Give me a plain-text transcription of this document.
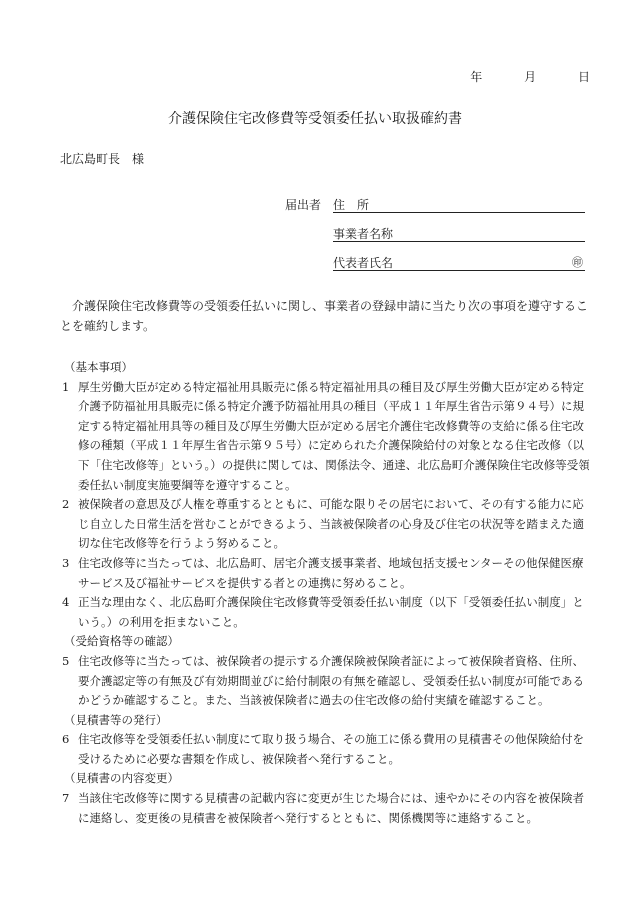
年	月	日
介護保険住宅改修費等受領委任払い取扱確約書
北広島町長　様
届出者 住　所
事業者名称
代表者氏名	㊞
介護保険住宅改修費等の受領委任払いに関し、事業者の登録申請に当たり次の事項を遵守することを確約します。
（基本事項）
1 厚生労働大臣が定める特定福祉用具販売に係る特定福祉用具の種目及び厚生労働大臣が定める特定介護予防福祉用具販売に係る特定介護予防福祉用具の種目（平成１１年厚生省告示第９４号）に規定する特定福祉用具等の種目及び厚生労働大臣が定める居宅介護住宅改修費等の支給に係る住宅改修の種類（平成１１年厚生省告示第９５号）に定められた介護保険給付の対象となる住宅改修（以下「住宅改修等」という。）の提供に関しては、関係法令、通達、北広島町介護保険住宅改修等受領委任払い制度実施要綱等を遵守すること。
2 被保険者の意思及び人権を尊重するとともに、可能な限りその居宅において、その有する能力に応じ自立した日常生活を営むことができるよう、当該被保険者の心身及び住宅の状況等を踏まえた適切な住宅改修等を行うよう努めること。
3 住宅改修等に当たっては、北広島町、居宅介護支援事業者、地域包括支援センターその他保健医療サービス及び福祉サービスを提供する者との連携に努めること。
4 正当な理由なく、北広島町介護保険住宅改修費等受領委任払い制度（以下「受領委任払い制度」という。）の利用を拒まないこと。
（受給資格等の確認）
5 住宅改修等に当たっては、被保険者の提示する介護保険被保険者証によって被保険者資格、住所、要介護認定等の有無及び有効期間並びに給付制限の有無を確認し、受領委任払い制度が可能であるかどうか確認すること。また、当該被保険者に過去の住宅改修の給付実績を確認すること。
（見積書等の発行）
6 住宅改修等を受領委任払い制度にて取り扱う場合、その施工に係る費用の見積書その他保険給付を受けるために必要な書類を作成し、被保険者へ発行すること。
（見積書の内容変更）
7 当該住宅改修等に関する見積書の記載内容に変更が生じた場合には、速やかにその内容を被保険者に連絡し、変更後の見積書を被保険者へ発行するとともに、関係機関等に連絡すること。
